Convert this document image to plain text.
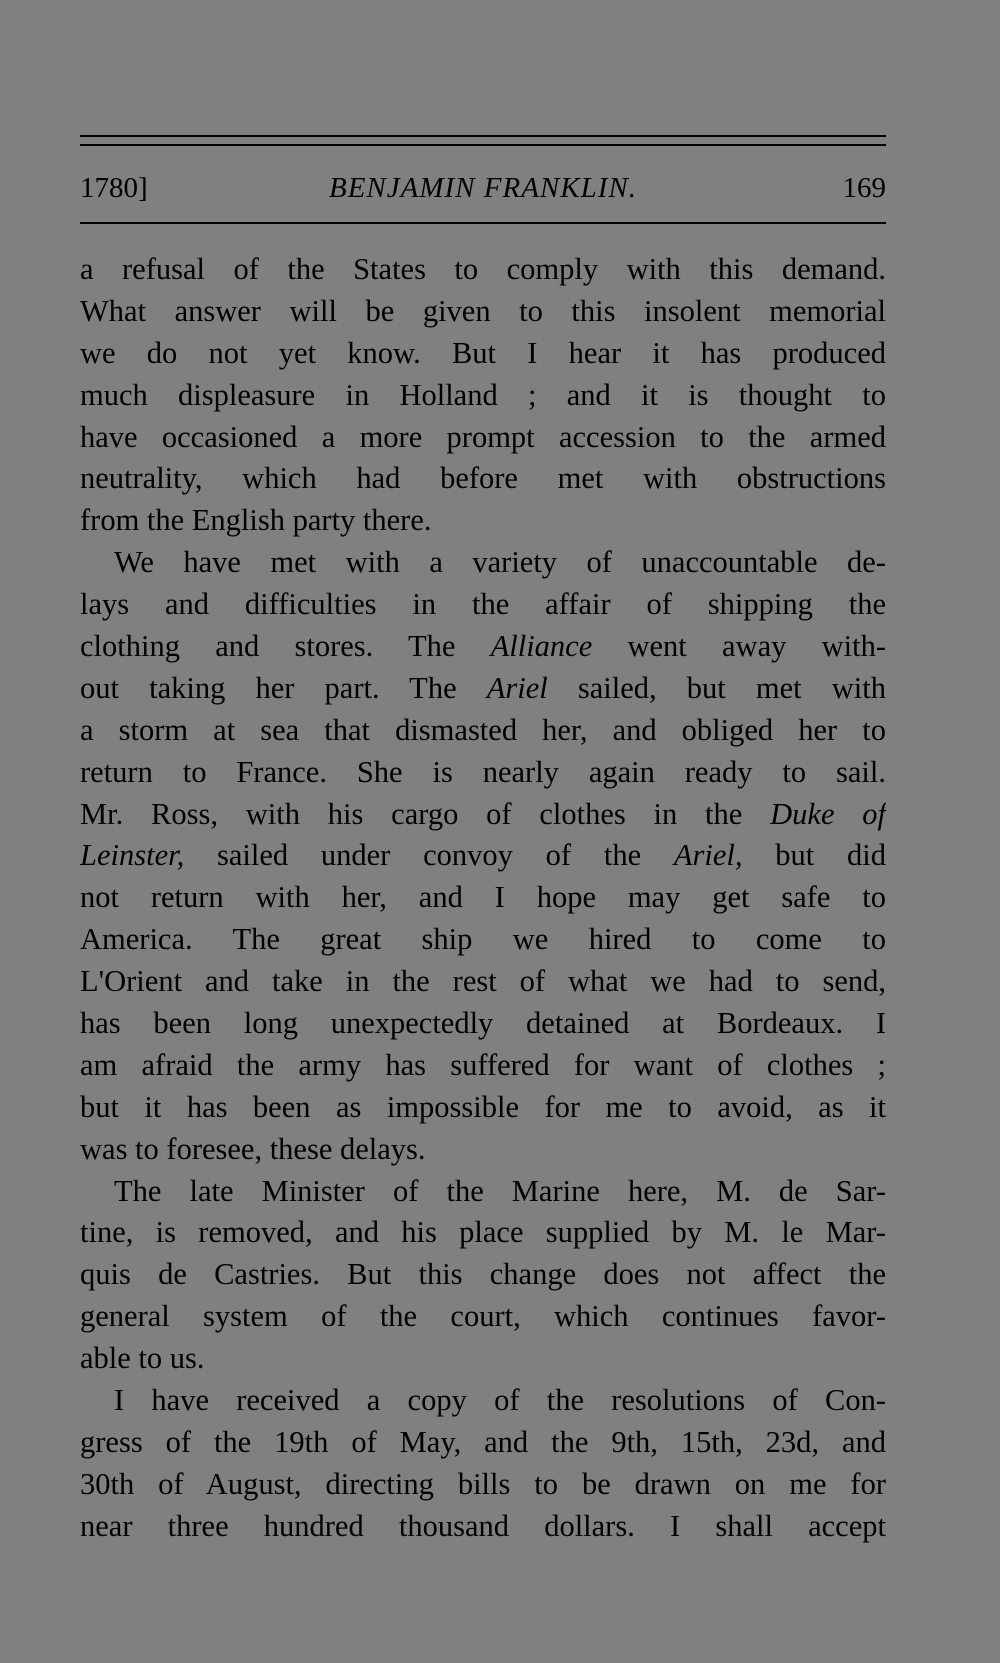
1780]	BENJAMIN FRANKLIN.	169
a refusal of the States to comply with this demand.
What answer will be given to this insolent memorial
we do not yet know. But I hear it has produced
much displeasure in Holland ; and it is thought to
have occasioned a more prompt accession to the armed
neutrality, which had before met with obstructions
from the English party there.
We have met with a variety of unaccountable de-
lays and difficulties in the affair of shipping the
clothing and stores. The Alliance went away with-
out taking her part. The Ariel sailed, but met with
a storm at sea that dismasted her, and obliged her to
return to France. She is nearly again ready to sail.
Mr. Ross, with his cargo of clothes in the Duke of
Leinster, sailed under convoy of the Ariel, but did
not return with her, and I hope may get safe to
America. The great ship we hired to come to
L'Orient and take in the rest of what we had to send,
has been long unexpectedly detained at Bordeaux. I
am afraid the army has suffered for want of clothes ;
but it has been as impossible for me to avoid, as it
was to foresee, these delays.
The late Minister of the Marine here, M. de Sar-
tine, is removed, and his place supplied by M. le Mar-
quis de Castries. But this change does not affect the
general system of the court, which continues favor-
able to us.
I have received a copy of the resolutions of Con-
gress of the 19th of May, and the 9th, 15th, 23d, and
30th of August, directing bills to be drawn on me for
near three hundred thousand dollars. I shall accept
